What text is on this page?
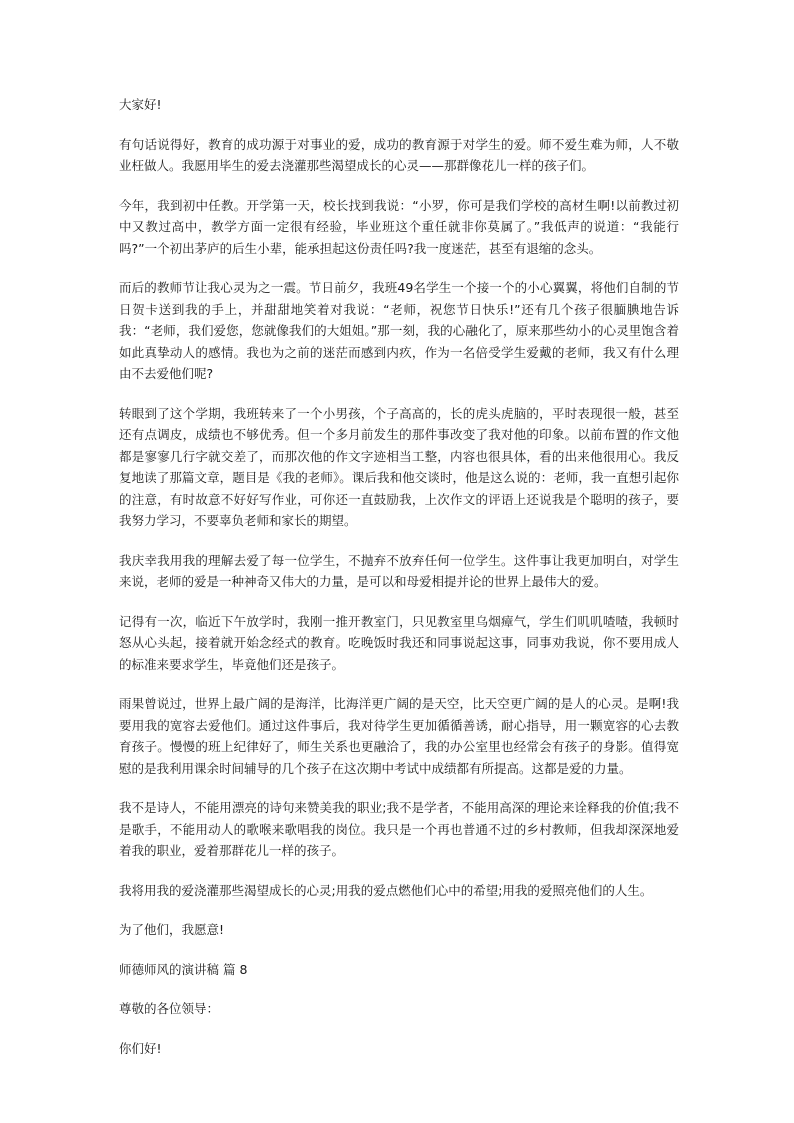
大家好!

有句话说得好，教育的成功源于对事业的爱，成功的教育源于对学生的爱。师不爱生难为师，人不敬业枉做人。我愿用毕生的爱去浇灌那些渴望成长的心灵——那群像花儿一样的孩子们。

今年，我到初中任教。开学第一天，校长找到我说：“小罗，你可是我们学校的高材生啊!以前教过初中又教过高中，教学方面一定很有经验，毕业班这个重任就非你莫属了。”我低声的说道：“我能行吗?”一个初出茅庐的后生小辈，能承担起这份责任吗?我一度迷茫，甚至有退缩的念头。

而后的教师节让我心灵为之一震。节日前夕，我班49名学生一个接一个的小心翼翼，将他们自制的节日贺卡送到我的手上，并甜甜地笑着对我说：“老师，祝您节日快乐!”还有几个孩子很腼腆地告诉我：“老师，我们爱您，您就像我们的大姐姐。”那一刻，我的心融化了，原来那些幼小的心灵里饱含着如此真挚动人的感情。我也为之前的迷茫而感到内疚，作为一名倍受学生爱戴的老师，我又有什么理由不去爱他们呢?

转眼到了这个学期，我班转来了一个小男孩，个子高高的，长的虎头虎脑的，平时表现很一般，甚至还有点调皮，成绩也不够优秀。但一个多月前发生的那件事改变了我对他的印象。以前布置的作文他都是寥寥几行字就交差了，而那次他的作文字迹相当工整，内容也很具体，看的出来他很用心。我反复地读了那篇文章，题目是《我的老师》。课后我和他交谈时，他是这么说的：老师，我一直想引起你的注意，有时故意不好好写作业，可你还一直鼓励我，上次作文的评语上还说我是个聪明的孩子，要我努力学习，不要辜负老师和家长的期望。

我庆幸我用我的理解去爱了每一位学生，不抛弃不放弃任何一位学生。这件事让我更加明白，对学生来说，老师的爱是一种神奇又伟大的力量，是可以和母爱相提并论的世界上最伟大的爱。

记得有一次，临近下午放学时，我刚一推开教室门，只见教室里乌烟瘴气，学生们叽叽喳喳，我顿时怒从心头起，接着就开始念经式的教育。吃晚饭时我还和同事说起这事，同事劝我说，你不要用成人的标准来要求学生，毕竟他们还是孩子。

雨果曾说过，世界上最广阔的是海洋，比海洋更广阔的是天空，比天空更广阔的是人的心灵。是啊!我要用我的宽容去爱他们。通过这件事后，我对待学生更加循循善诱，耐心指导，用一颗宽容的心去教育孩子。慢慢的班上纪律好了，师生关系也更融洽了，我的办公室里也经常会有孩子的身影。值得宽慰的是我利用课余时间辅导的几个孩子在这次期中考试中成绩都有所提高。这都是爱的力量。

我不是诗人，不能用漂亮的诗句来赞美我的职业;我不是学者，不能用高深的理论来诠释我的价值;我不是歌手，不能用动人的歌喉来歌唱我的岗位。我只是一个再也普通不过的乡村教师，但我却深深地爱着我的职业，爱着那群花儿一样的孩子。

我将用我的爱浇灌那些渴望成长的心灵;用我的爱点燃他们心中的希望;用我的爱照亮他们的人生。

为了他们，我愿意!

师德师风的演讲稿 篇 8

尊敬的各位领导：

你们好!
